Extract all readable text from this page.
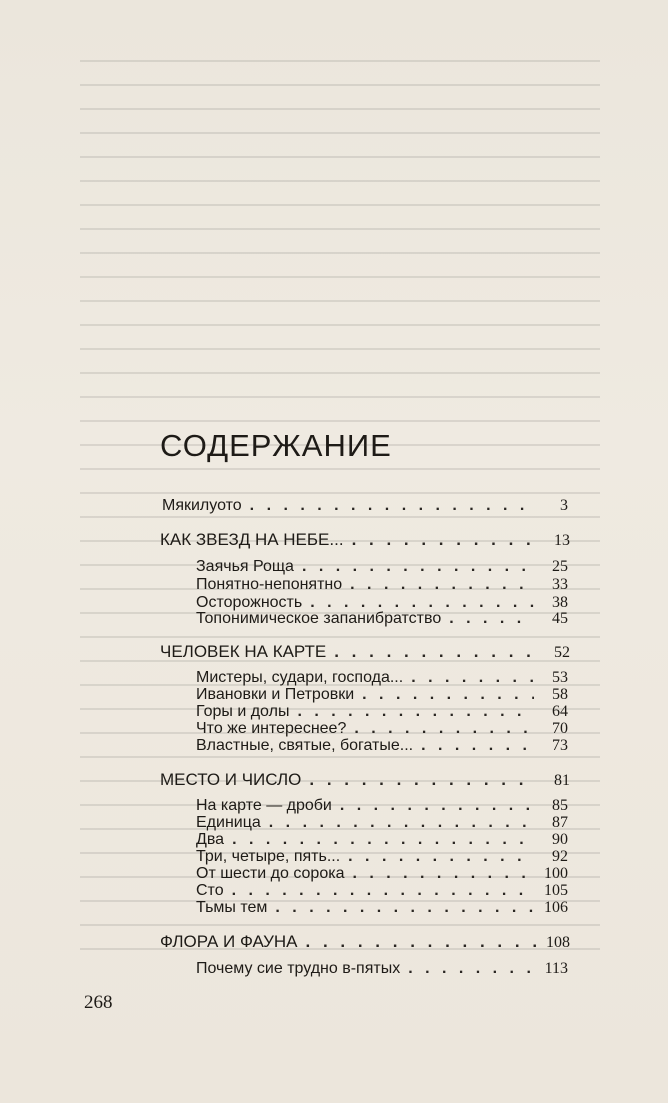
СОДЕРЖАНИЕ
Мякилуото . . .	3
КАК ЗВЕЗД НА НЕБЕ... . . .	13
Заячья Роща . . .	25
Понятно-непонятно . . .	33
Осторожность . . .	38
Топонимическое запанибратство . . .	45
ЧЕЛОВЕК НА КАРТЕ . . .	52
Мистеры, судари, господа... . . .	53
Ивановки и Петровки . . .	58
Горы и долы . . .	64
Что же интереснее? . . .	70
Властные, святые, богатые... . . .	73
МЕСТО И ЧИСЛО . . .	81
На карте — дроби . . .	85
Единица . . .	87
Два . . .	90
Три, четыре, пять... . . .	92
От шести до сорока . . .	100
Сто . . .	105
Тьмы тем . . .	106
ФЛОРА И ФАУНА . . .	108
Почему сие трудно в-пятых . . .	113
268
